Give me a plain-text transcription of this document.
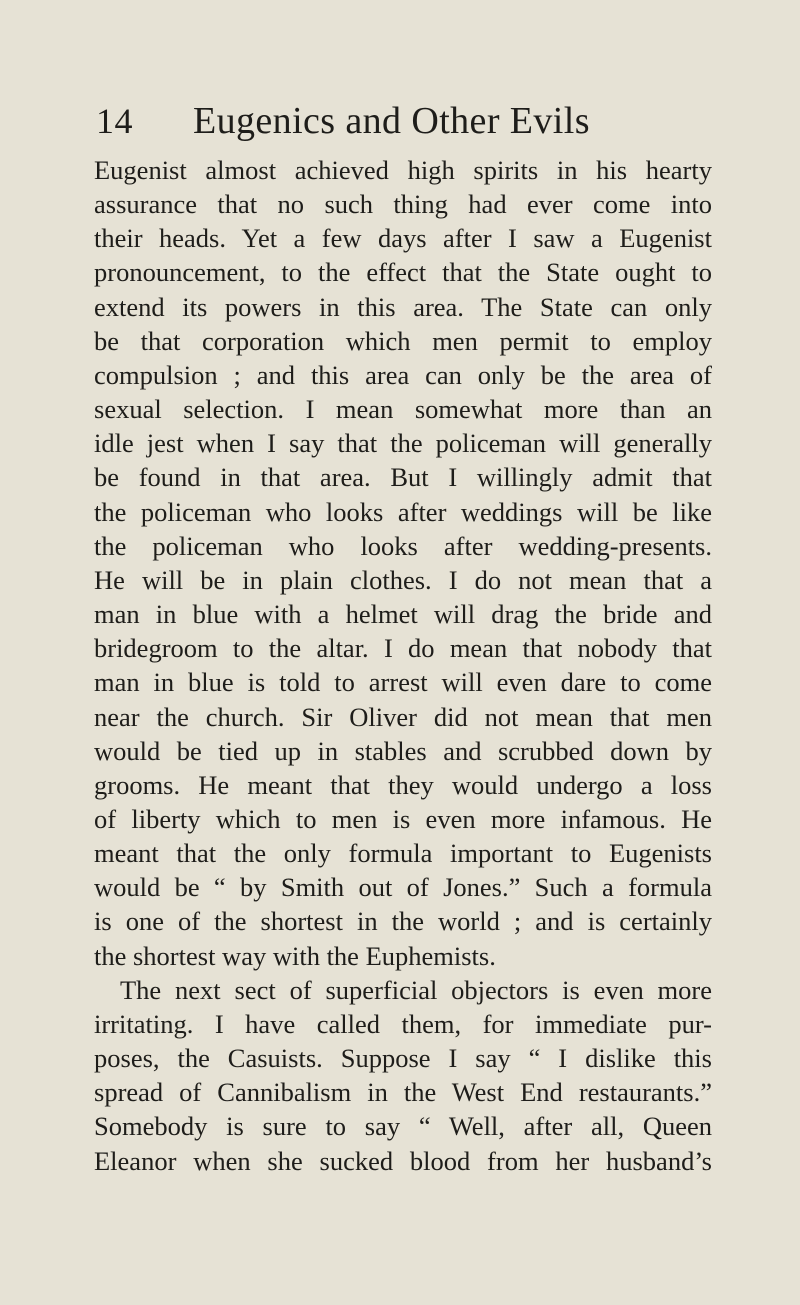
14 Eugenics and Other Evils
Eugenist almost achieved high spirits in his hearty
assurance that no such thing had ever come into
their heads. Yet a few days after I saw a Eugenist
pronouncement, to the effect that the State ought to
extend its powers in this area. The State can only
be that corporation which men permit to employ
compulsion ; and this area can only be the area of
sexual selection. I mean somewhat more than an
idle jest when I say that the policeman will generally
be found in that area. But I willingly admit that
the policeman who looks after weddings will be like
the policeman who looks after wedding-presents.
He will be in plain clothes. I do not mean that a
man in blue with a helmet will drag the bride and
bridegroom to the altar. I do mean that nobody that
man in blue is told to arrest will even dare to come
near the church. Sir Oliver did not mean that men
would be tied up in stables and scrubbed down by
grooms. He meant that they would undergo a loss
of liberty which to men is even more infamous. He
meant that the only formula important to Eugenists
would be “ by Smith out of Jones.” Such a formula
is one of the shortest in the world ; and is certainly
the shortest way with the Euphemists.
The next sect of superficial objectors is even more
irritating. I have called them, for immediate pur-
poses, the Casuists. Suppose I say “ I dislike this
spread of Cannibalism in the West End restaurants.”
Somebody is sure to say “ Well, after all, Queen
Eleanor when she sucked blood from her husband’s
